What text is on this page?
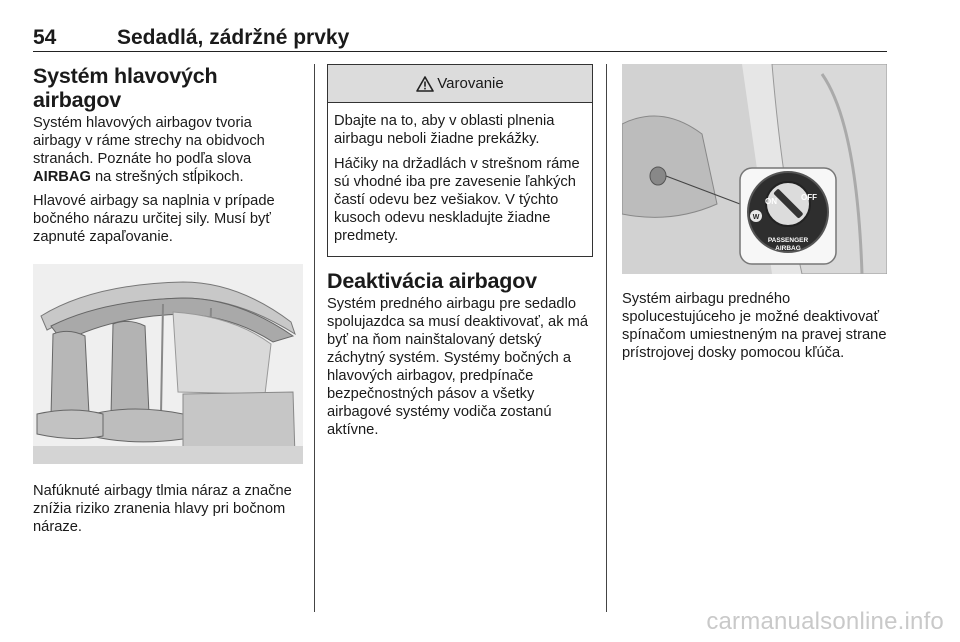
54	Sedadlá, zádržné prvky
Systém hlavových airbagov

Systém hlavových airbagov tvoria airbagy v ráme strechy na obidvoch stranách. Poznáte ho podľa slova AIRBAG na strešných stĺpikoch.

Hlavové airbagy sa naplnia v prípade bočného nárazu určitej sily. Musí byť zapnuté zapaľovanie.

Nafúknuté airbagy tlmia náraz a značne znížia riziko zranenia hlavy pri bočnom náraze.

Varovanie

Dbajte na to, aby v oblasti plnenia airbagu neboli žiadne prekážky.

Háčiky na držadlách v strešnom ráme sú vhodné iba pre zavesenie ľahkých častí odevu bez vešiakov. V týchto kusoch odevu neskladujte žiadne predmety.

Deaktivácia airbagov

Systém predného airbagu pre sedadlo spolujazdca sa musí deaktivovať, ak má byť na ňom nainštalovaný detský záchytný systém. Systémy bočných a hlavových airbagov, predpínače bezpečnostných pásov a všetky airbagové systémy vodiča zostanú aktívne.

W
ON	OFF
PASSENGER
AIRBAG

Systém airbagu predného spolucestujúceho je možné deaktivovať spínačom umiestneným na pravej strane prístrojovej dosky pomocou kľúča.

carmanualsonline.info
